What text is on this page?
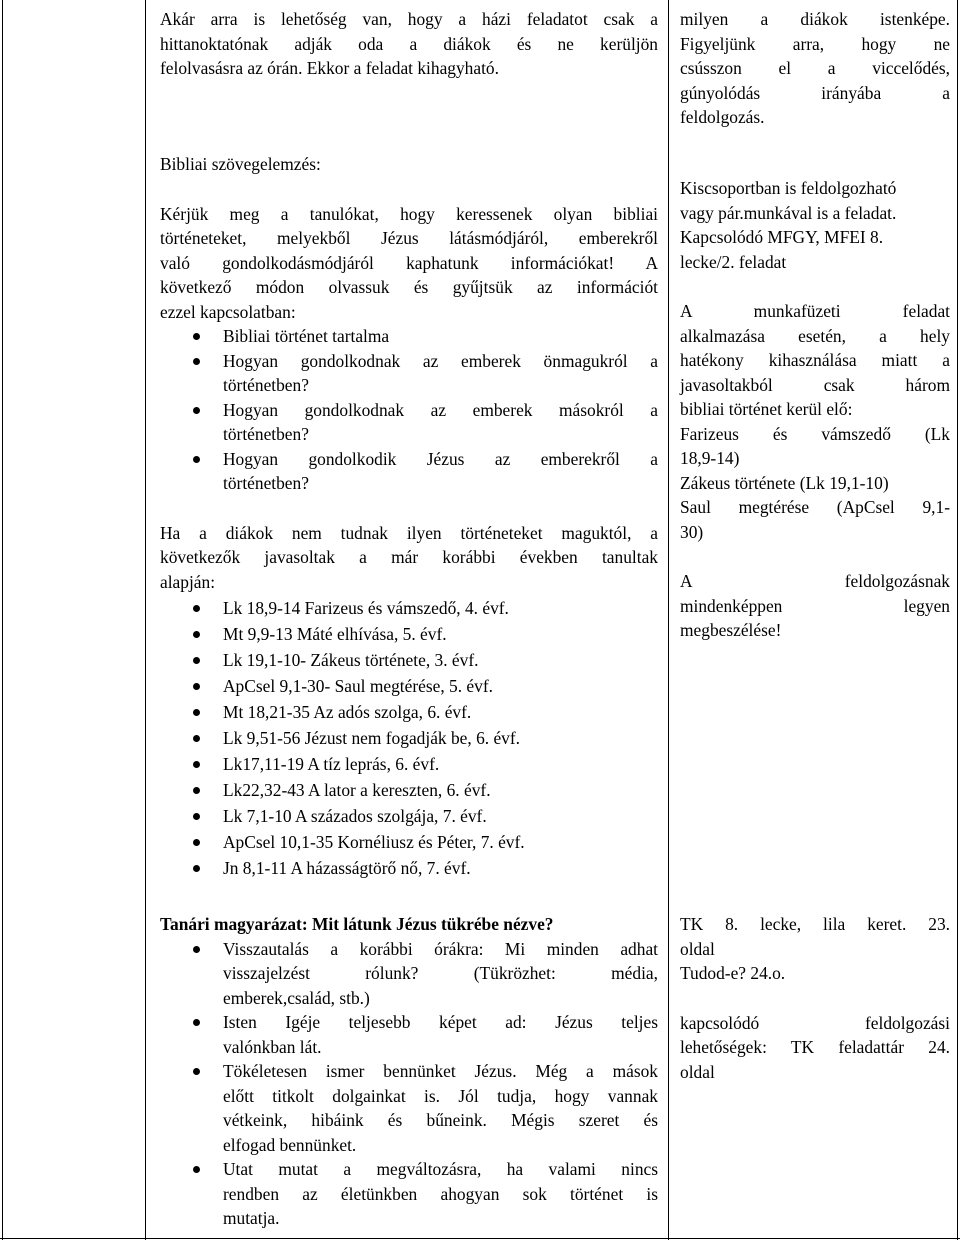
Akár arra is lehetőség van, hogy a házi feladatot csak a

hittanoktatónak adják oda a diákok és ne kerüljön

felolvasásra az órán. Ekkor a feladat kihagyható.

milyen a diákok istenképe.

Figyeljünk arra, hogy ne

csússzon el a viccelődés,

gúnyolódás irányába a

feldolgozás.

Bibliai szövegelemzés:

Kérjük meg a tanulókat, hogy keressenek olyan bibliai

történeteket, melyekből Jézus látásmódjáról, emberekről

való gondolkodásmódjáról kaphatunk információkat! A

következő módon olvassuk és gyűjtsük az információt

ezzel kapcsolatban:

Bibliai történet tartalma

Hogyan gondolkodnak az emberek önmagukról a

történetben?

Hogyan gondolkodnak az emberek másokról a

történetben?

Hogyan gondolkodik Jézus az emberekről a

történetben?

Ha a diákok nem tudnak ilyen történeteket maguktól, a

következők javasoltak a már korábbi években tanultak

alapján:

Lk 18,9-14 Farizeus és vámszedő, 4. évf.
Mt 9,9-13 Máté elhívása, 5. évf.
Lk 19,1-10- Zákeus története, 3. évf.
ApCsel 9,1-30- Saul megtérése, 5. évf.
Mt 18,21-35 Az adós szolga, 6. évf.
Lk 9,51-56 Jézust nem fogadják be, 6. évf.
Lk17,11-19 A tíz leprás, 6. évf.
Lk22,32-43 A lator a kereszten, 6. évf.
Lk 7,1-10 A százados szolgája, 7. évf.
ApCsel 10,1-35 Kornéliusz és Péter, 7. évf.
Jn 8,1-11 A házasságtörő nő, 7. évf.

Kiscsoportban is feldolgozható

vagy pár.munkával is a feladat.

Kapcsolódó MFGY, MFEI 8.

lecke/2. feladat

A munkafüzeti feladat

alkalmazása esetén, a hely

hatékony kihasználása miatt a

javasoltakból csak három

bibliai történet kerül elő:

Farizeus és vámszedő (Lk

18,9-14)

Zákeus története (Lk 19,1-10)

Saul megtérése (ApCsel 9,1-

30)

A feldolgozásnak

mindenképpen legyen

megbeszélése!

Tanári magyarázat: Mit látunk Jézus tükrébe nézve?

Visszautalás a korábbi órákra: Mi minden adhat

visszajelzést rólunk? (Tükrözhet: média,

emberek,család, stb.)

Isten Igéje teljesebb képet ad: Jézus teljes

valónkban lát.

Tökéletesen ismer bennünket Jézus. Még a mások

előtt titkolt dolgainkat is. Jól tudja, hogy vannak

vétkeink, hibáink és bűneink. Mégis szeret és

elfogad bennünket.

Utat mutat a megváltozásra, ha valami nincs

rendben az életünkben ahogyan sok történet is

mutatja.

TK 8. lecke, lila keret. 23.

oldal

Tudod-e? 24.o.

kapcsolódó feldolgozási

lehetőségek: TK feladattár 24.

oldal
